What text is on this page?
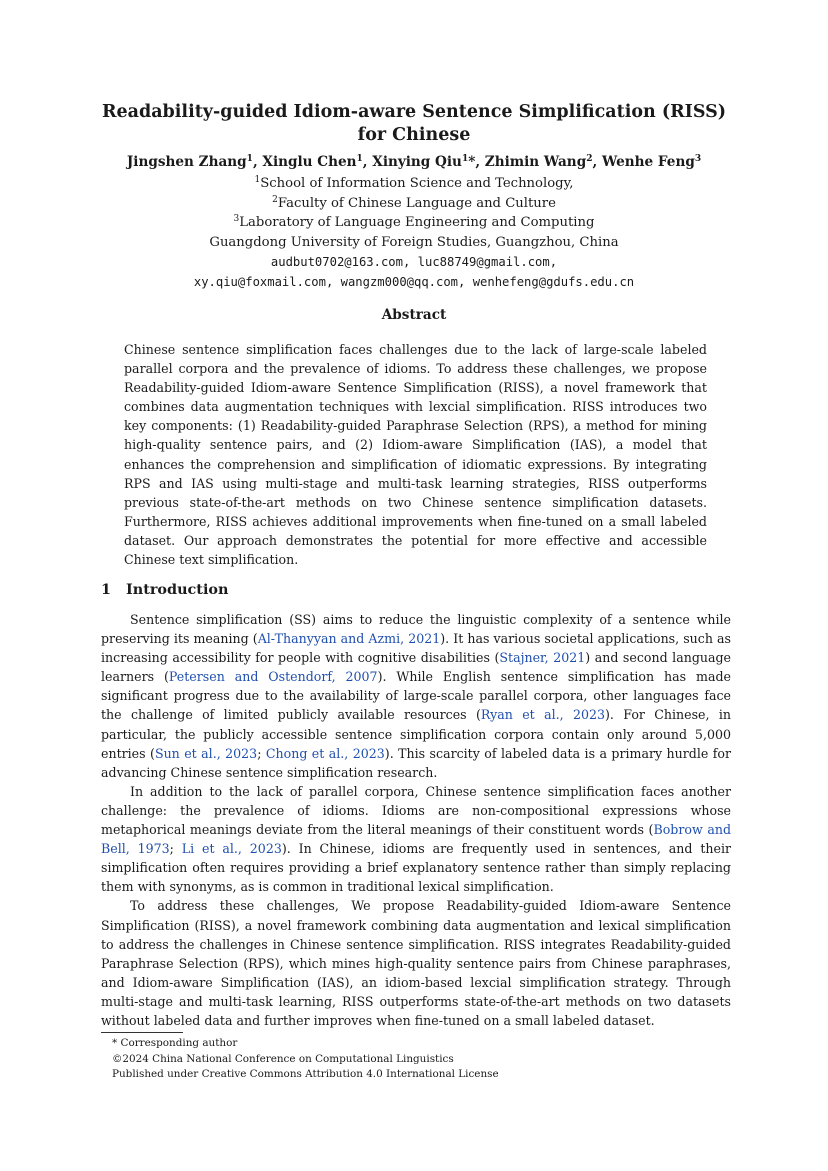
Readability-guided Idiom-aware Sentence Simplification (RISS)
for Chinese
Jingshen Zhang$^1$, Xinglu Chen$^1$, Xinying Qiu$^1$*, Zhimin Wang$^2$, Wenhe Feng$^3$
$^1$School of Information Science and Technology,
$^2$Faculty of Chinese Language and Culture
$^3$Laboratory of Language Engineering and Computing
Guangdong University of Foreign Studies, Guangzhou, China
audbut0702@163.com, luc88749@gmail.com,
xy.qiu@foxmail.com, wangzm000@qq.com, wenhefeng@gdufs.edu.cn
Abstract
Chinese sentence simplification faces challenges due to the lack of large-scale labeled parallel corpora and the prevalence of idioms. To address these challenges, we propose Readability-guided Idiom-aware Sentence Simplification (RISS), a novel framework that combines data augmentation techniques with lexcial simplification. RISS introduces two key components: (1) Readability-guided Paraphrase Selection (RPS), a method for mining high-quality sentence pairs, and (2) Idiom-aware Simplification (IAS), a model that enhances the comprehension and simplification of idiomatic expressions. By integrating RPS and IAS using multi-stage and multi-task learning strategies, RISS outperforms previous state-of-the-art methods on two Chinese sentence simplification datasets. Furthermore, RISS achieves additional improvements when fine-tuned on a small labeled dataset. Our approach demonstrates the potential for more effective and accessible Chinese text simplification.
1 Introduction

Sentence simplification (SS) aims to reduce the linguistic complexity of a sentence while preserving its meaning (Al-Thanyyan and Azmi, 2021). It has various societal applications, such as increasing accessibility for people with cognitive disabilities (Stajner, 2021) and second language learners (Petersen and Ostendorf, 2007). While English sentence simplification has made significant progress due to the availability of large-scale parallel corpora, other languages face the challenge of limited publicly available resources (Ryan et al., 2023). For Chinese, in particular, the publicly accessible sentence simplification corpora contain only around 5,000 entries (Sun et al., 2023; Chong et al., 2023). This scarcity of labeled data is a primary hurdle for advancing Chinese sentence simplification research.

In addition to the lack of parallel corpora, Chinese sentence simplification faces another challenge: the prevalence of idioms. Idioms are non-compositional expressions whose metaphorical meanings deviate from the literal meanings of their constituent words (Bobrow and Bell, 1973; Li et al., 2023). In Chinese, idioms are frequently used in sentences, and their simplification often requires providing a brief explanatory sentence rather than simply replacing them with synonyms, as is common in traditional lexical simplification.

To address these challenges, We propose Readability-guided Idiom-aware Sentence Simplification (RISS), a novel framework combining data augmentation and lexical simplification to address the challenges in Chinese sentence simplification. RISS integrates Readability-guided Paraphrase Selection (RPS), which mines high-quality sentence pairs from Chinese paraphrases, and Idiom-aware Simplification (IAS), an idiom-based lexcial simplification strategy. Through multi-stage and multi-task learning, RISS outperforms state-of-the-art methods on two datasets without labeled data and further improves when fine-tuned on a small labeled dataset.

* Corresponding author
©2024 China National Conference on Computational Linguistics
Published under Creative Commons Attribution 4.0 International License
